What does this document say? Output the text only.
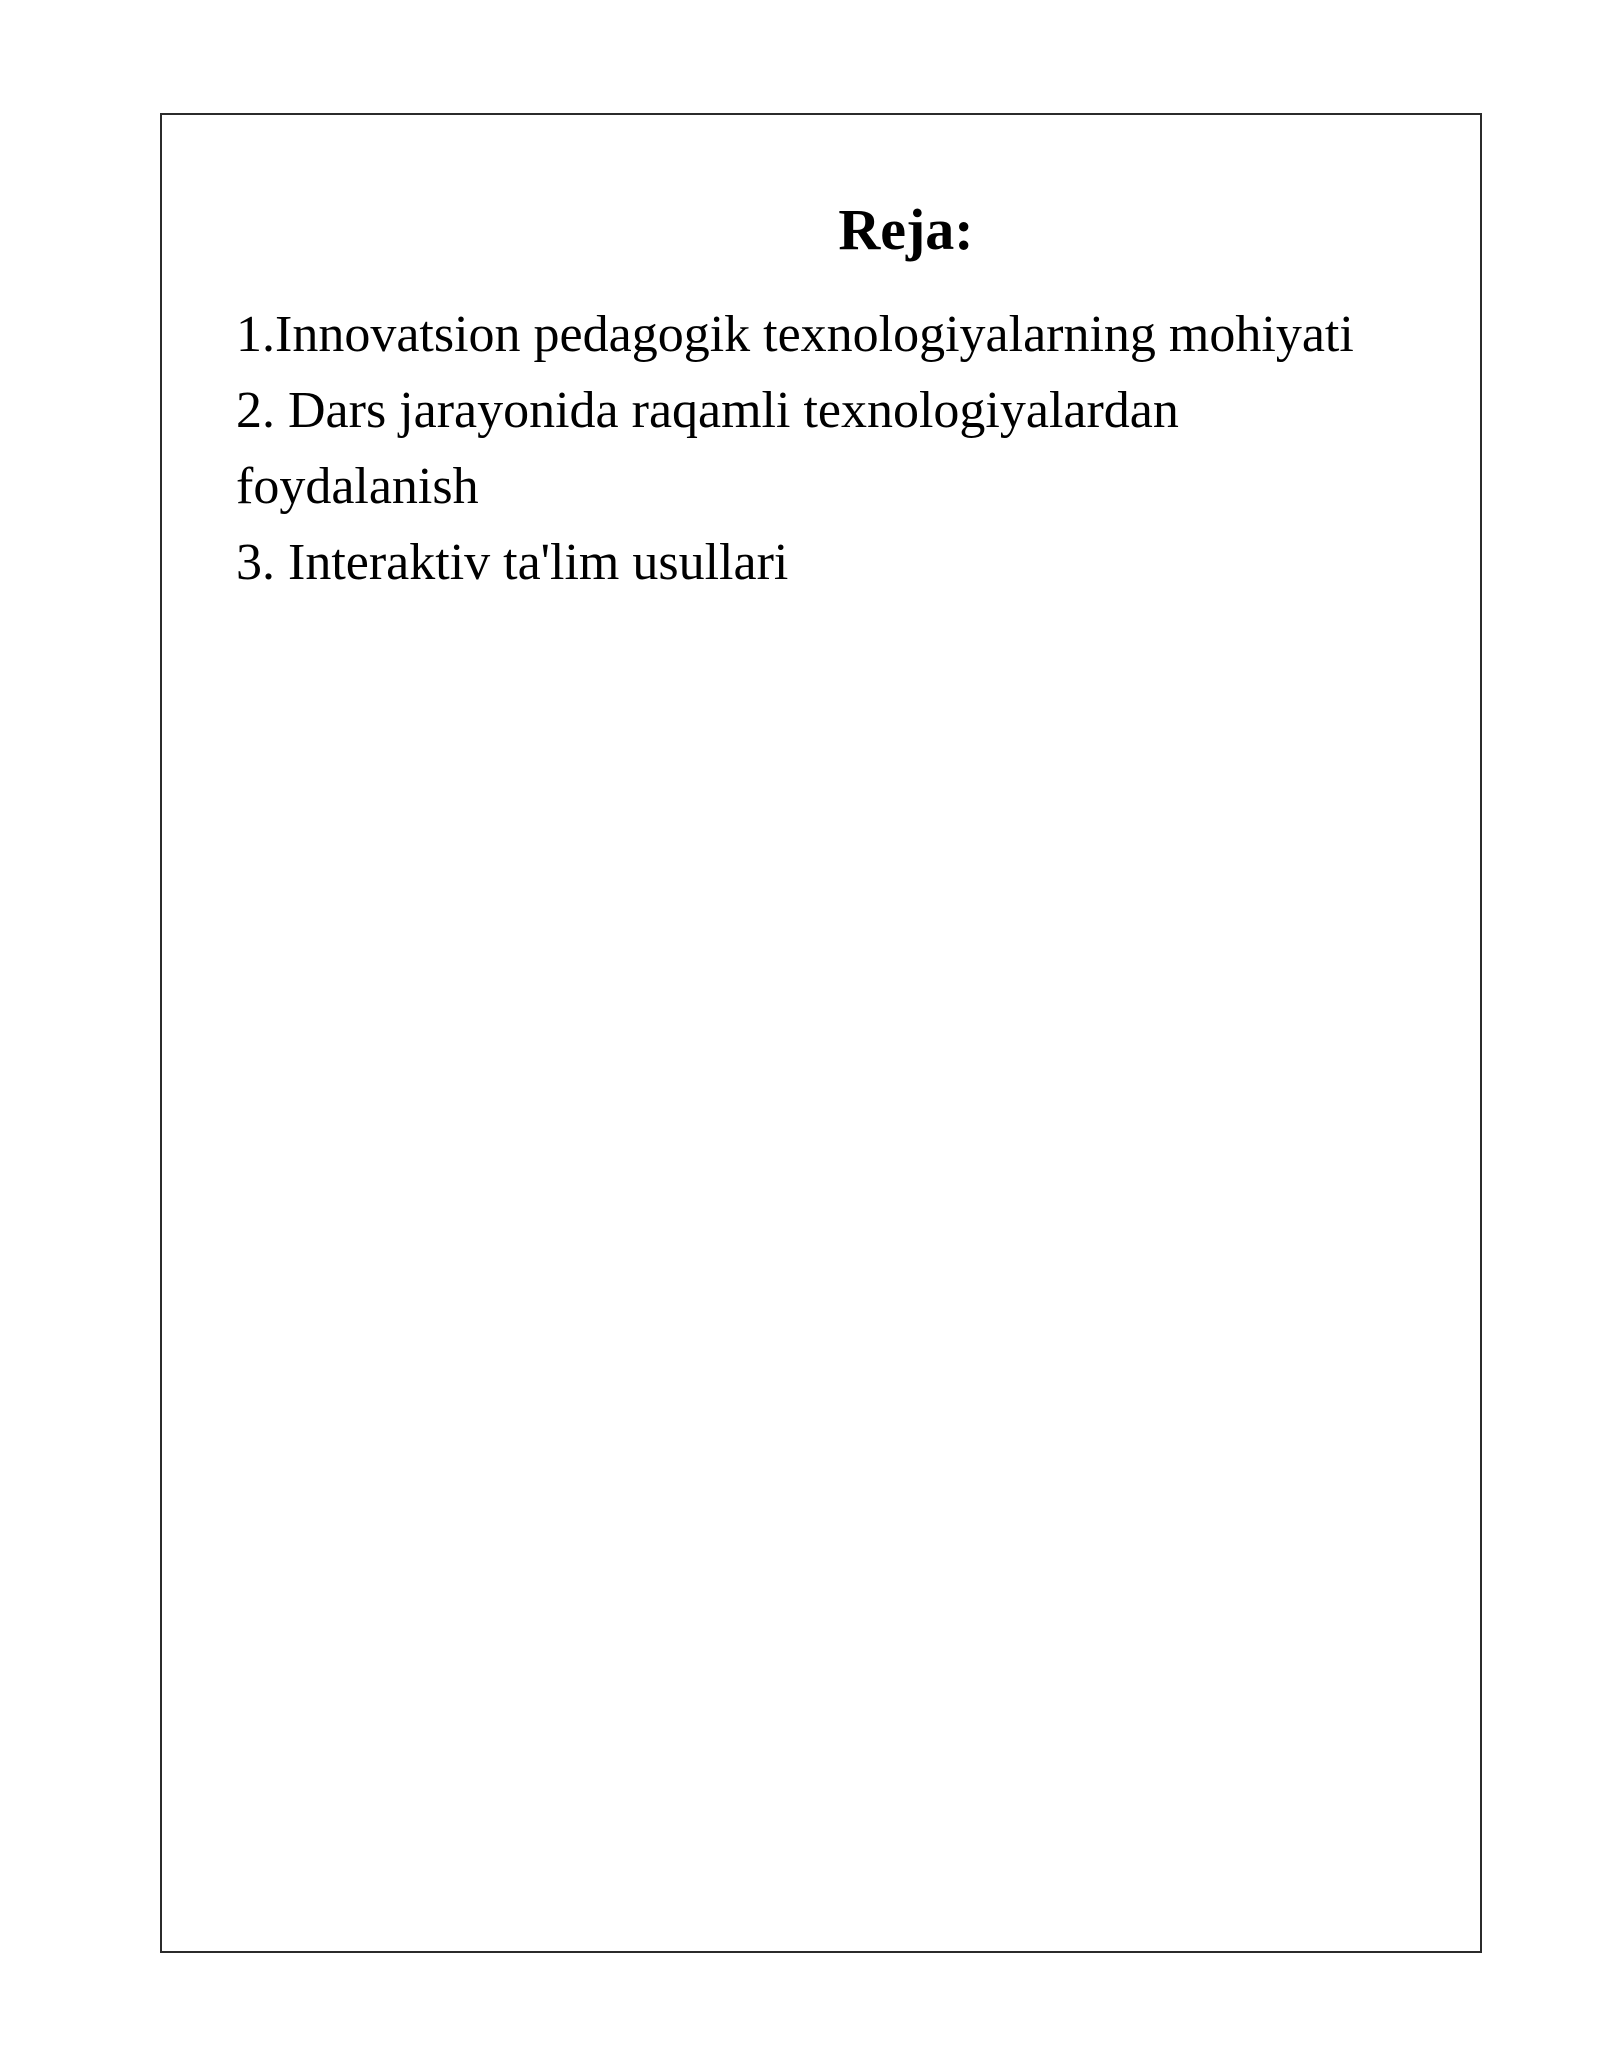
Reja:
1.Innovatsion pedagogik texnologiyalarning mohiyati
2. Dars jarayonida raqamli texnologiyalardan foydalanish
3. Interaktiv ta'lim usullari
